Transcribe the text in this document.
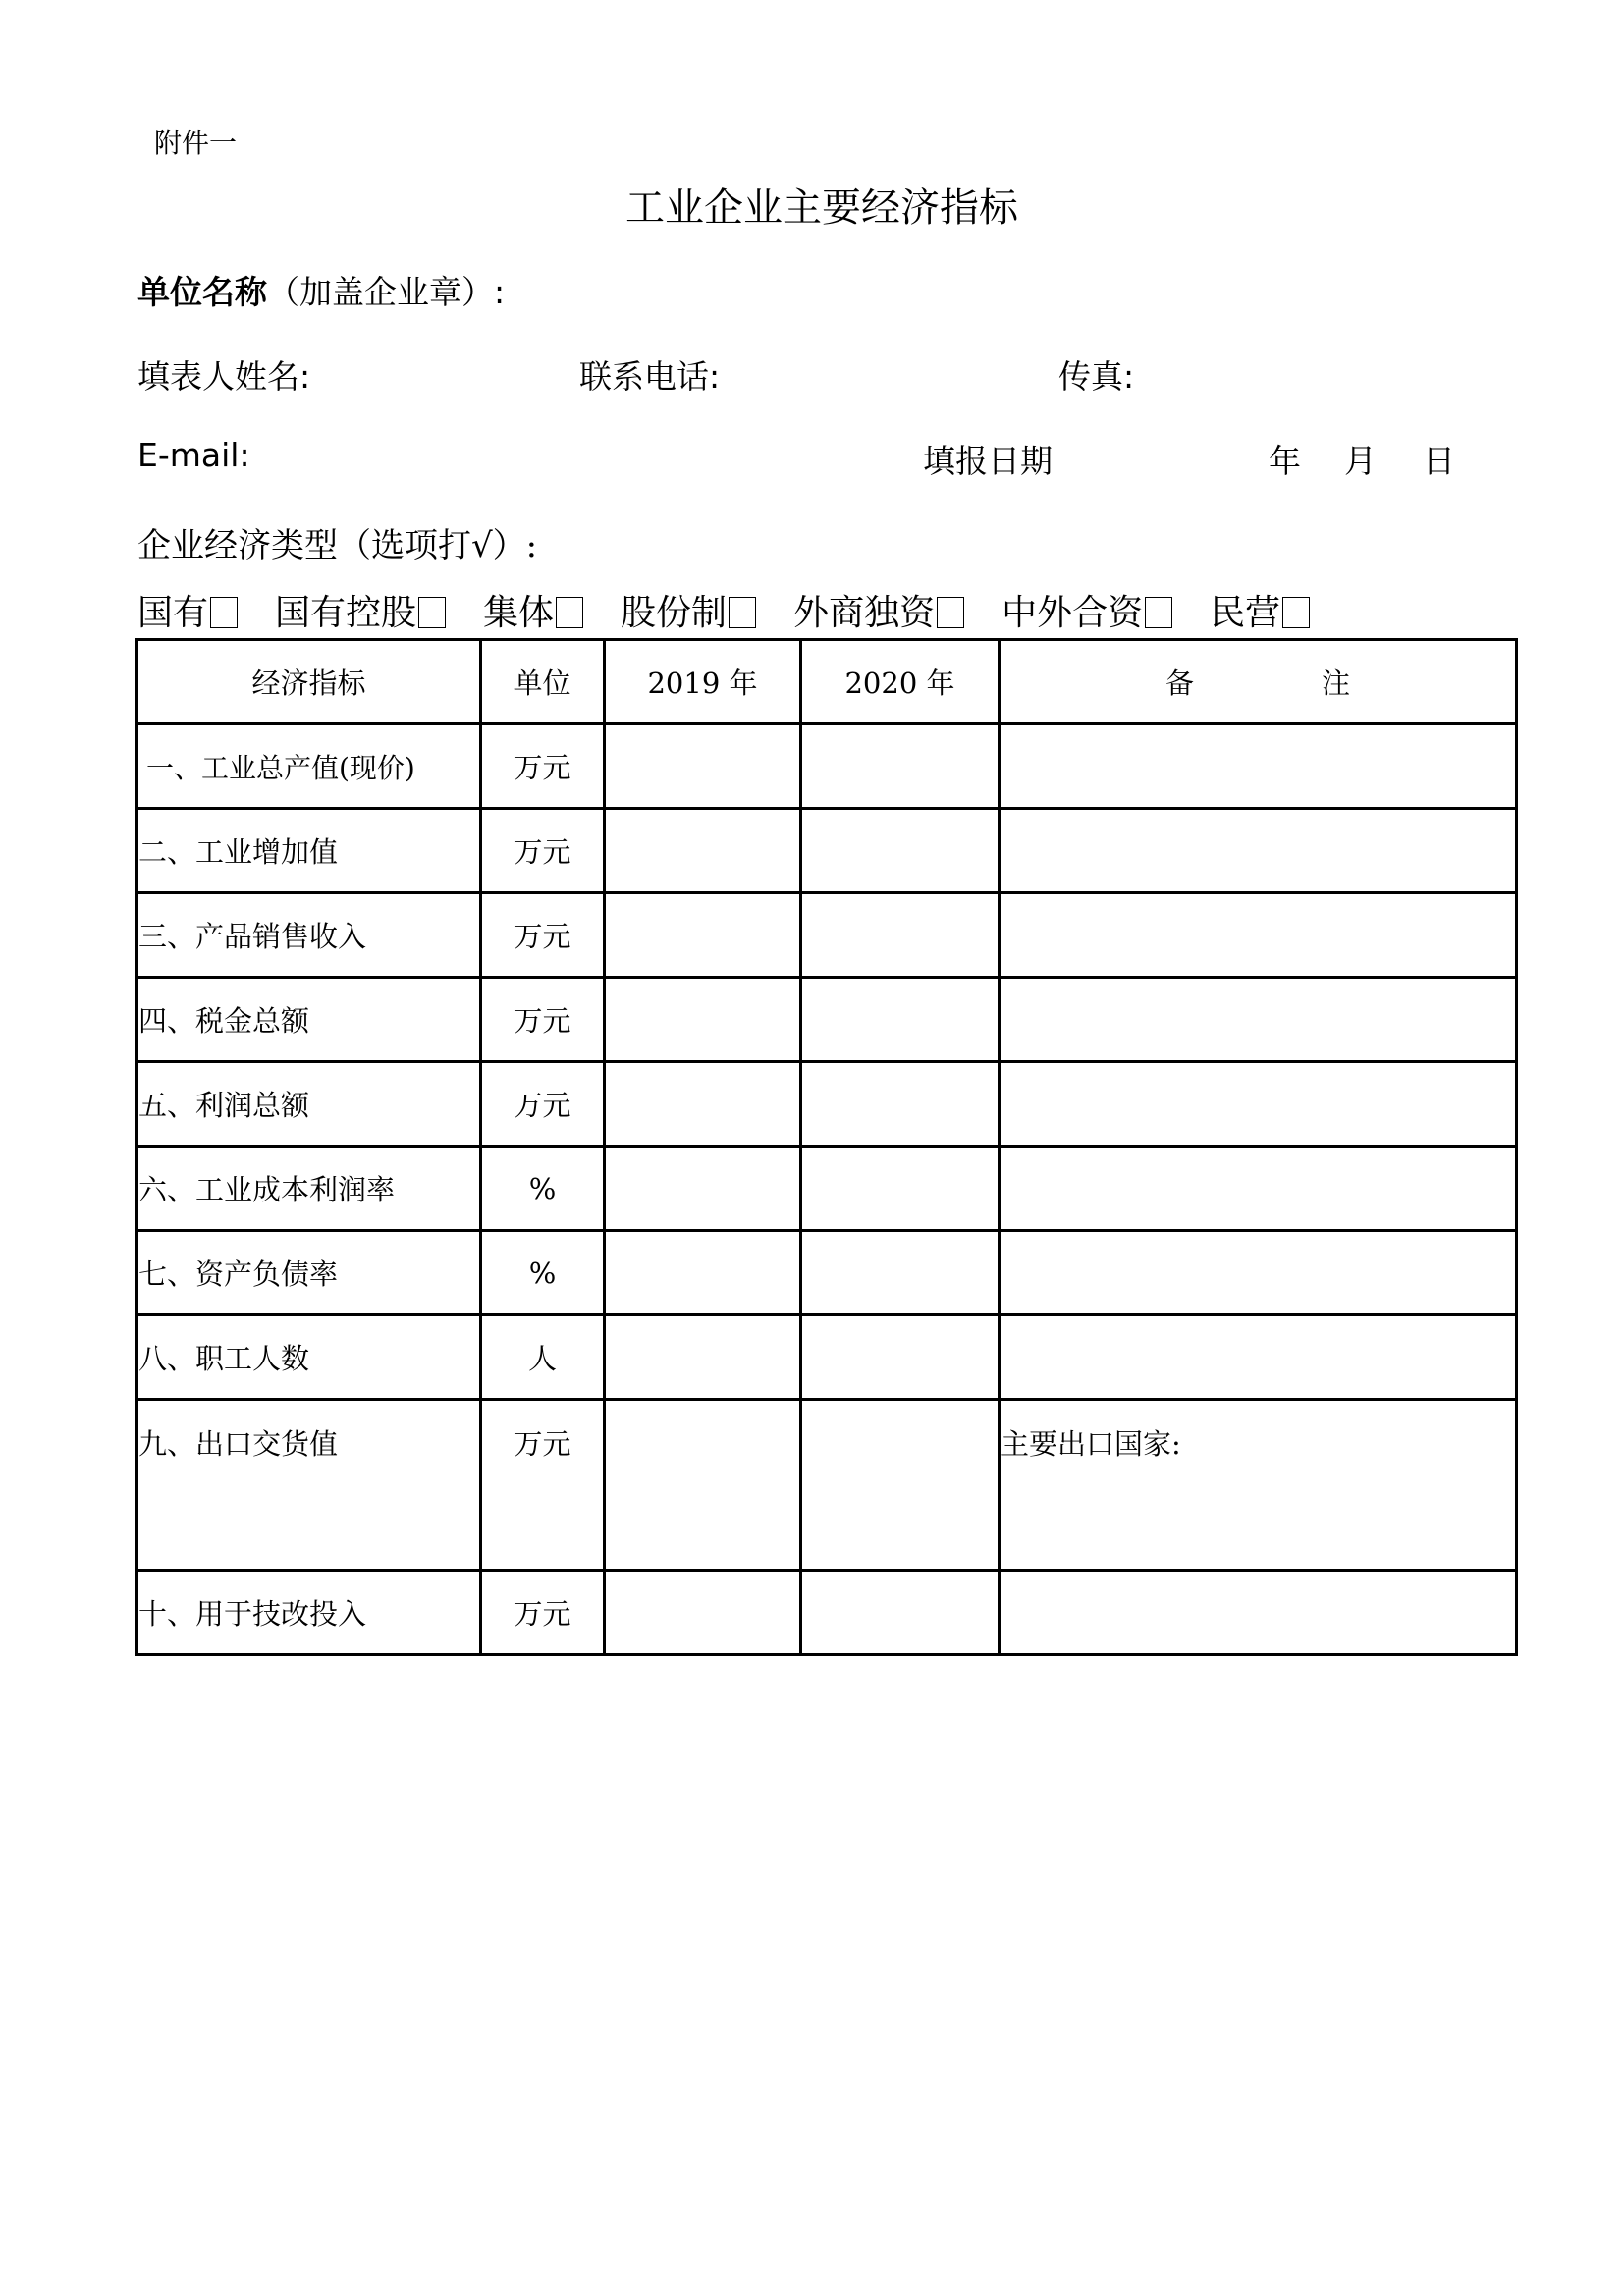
附件一
工业企业主要经济指标
单位名称（加盖企业章）:
填表人姓名:	联系电话:	传真:
E-mail:	填报日期	年 月 日
企业经济类型（选项打√）:
国有	国有控股	集体	股份制	外商独资	中外合资	民营
经济指标	单位	2019 年	2020 年	备 注
一、工业总产值(现价)	万元			
二、工业增加值	万元			
三、产品销售收入	万元			
四、税金总额	万元			
五、利润总额	万元			
六、工业成本利润率	%			
七、资产负债率	%			
八、职工人数	人			
九、出口交货值	万元			主要出口国家:
十、用于技改投入	万元			
